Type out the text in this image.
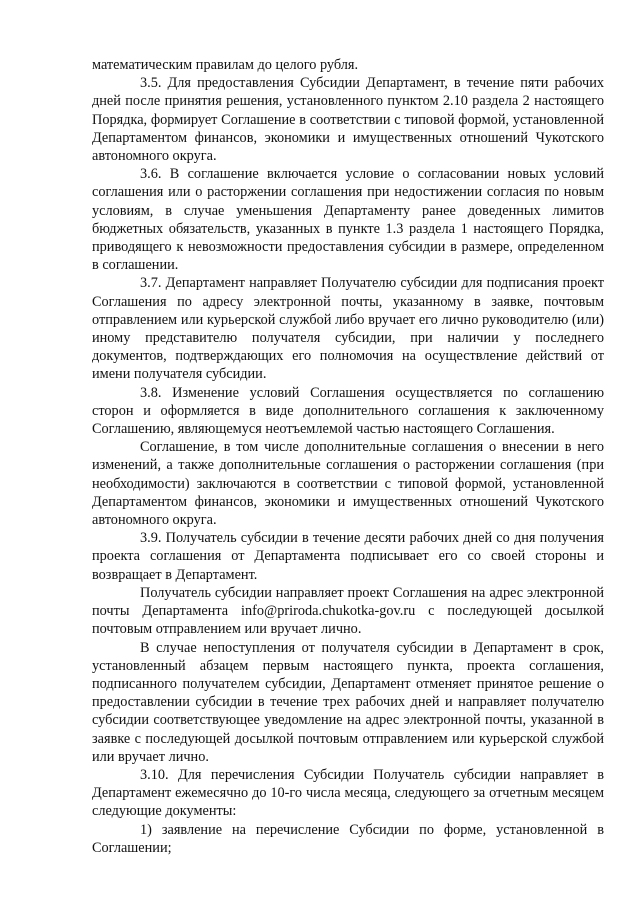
математическим правилам до целого рубля.

3.5. Для предоставления Субсидии Департамент, в течение пяти рабочих дней после принятия решения, установленного пунктом 2.10 раздела 2 настоящего Порядка, формирует Соглашение в соответствии с типовой формой, установленной Департаментом финансов, экономики и имущественных отношений Чукотского автономного округа.

3.6. В соглашение включается условие о согласовании новых условий соглашения или о расторжении соглашения при недостижении согласия по новым условиям, в случае уменьшения Департаменту ранее доведенных лимитов бюджетных обязательств, указанных в пункте 1.3 раздела 1 настоящего Порядка, приводящего к невозможности предоставления субсидии в размере, определенном в соглашении.

3.7. Департамент направляет Получателю субсидии для подписания проект Соглашения по адресу электронной почты, указанному в заявке, почтовым отправлением или курьерской службой либо вручает его лично руководителю (или) иному представителю получателя субсидии, при наличии у последнего документов, подтверждающих его полномочия на осуществление действий от имени получателя субсидии.

3.8. Изменение условий Соглашения осуществляется по соглашению сторон и оформляется в виде дополнительного соглашения к заключенному Соглашению, являющемуся неотъемлемой частью настоящего Соглашения.

Соглашение, в том числе дополнительные соглашения о внесении в него изменений, а также дополнительные соглашения о расторжении соглашения (при необходимости) заключаются в соответствии с типовой формой, установленной Департаментом финансов, экономики и имущественных отношений Чукотского автономного округа.

3.9. Получатель субсидии в течение десяти рабочих дней со дня получения проекта соглашения от Департамента подписывает его со своей стороны и возвращает в Департамент.

Получатель субсидии направляет проект Соглашения на адрес электронной почты Департамента info@priroda.chukotka-gov.ru с последующей досылкой почтовым отправлением или вручает лично.

В случае непоступления от получателя субсидии в Департамент в срок, установленный абзацем первым настоящего пункта, проекта соглашения, подписанного получателем субсидии, Департамент отменяет принятое решение о предоставлении субсидии в течение трех рабочих дней и направляет получателю субсидии соответствующее уведомление на адрес электронной почты, указанной в заявке с последующей досылкой почтовым отправлением или курьерской службой или вручает лично.

3.10. Для перечисления Субсидии Получатель субсидии направляет в Департамент ежемесячно до 10-го числа месяца, следующего за отчетным месяцем следующие документы:

1) заявление на перечисление Субсидии по форме, установленной в Соглашении;
